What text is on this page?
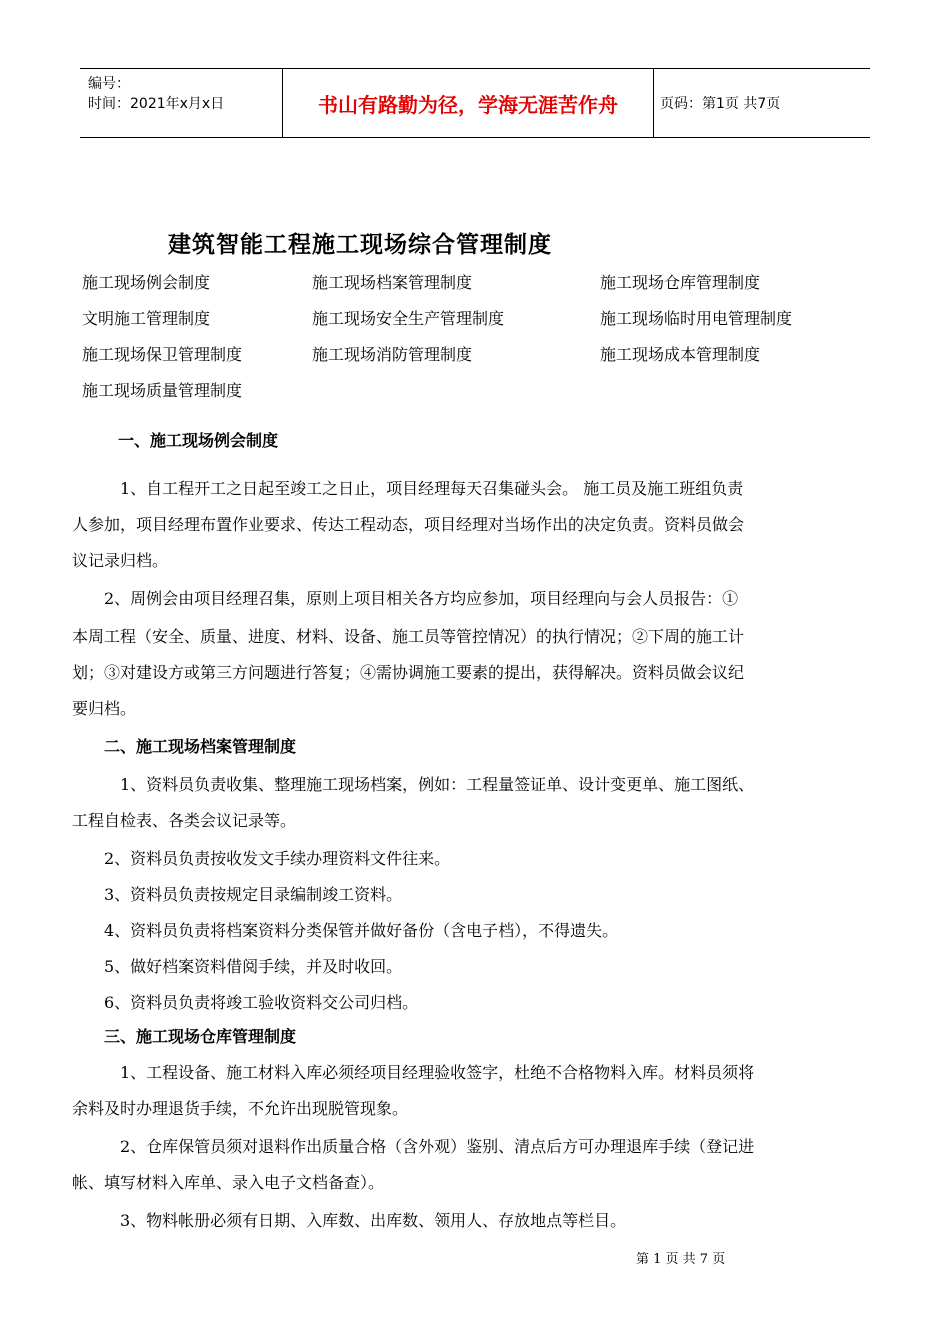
编号：
时间：2021年x月x日	书山有路勤为径，学海无涯苦作舟	页码：第1页 共7页
建筑智能工程施工现场综合管理制度
施工现场例会制度	施工现场档案管理制度	施工现场仓库管理制度
文明施工管理制度	施工现场安全生产管理制度	施工现场临时用电管理制度
施工现场保卫管理制度	施工现场消防管理制度	施工现场成本管理制度
施工现场质量管理制度
一、施工现场例会制度
1、自工程开工之日起至竣工之日止，项目经理每天召集碰头会。 施工员及施工班组负责
人参加，项目经理布置作业要求、传达工程动态，项目经理对当场作出的决定负责。资料员做会
议记录归档。
2、周例会由项目经理召集，原则上项目相关各方均应参加，项目经理向与会人员报告：①
本周工程（安全、质量、进度、材料、设备、施工员等管控情况）的执行情况；②下周的施工计
划；③对建设方或第三方问题进行答复；④需协调施工要素的提出，获得解决。资料员做会议纪
要归档。
二、施工现场档案管理制度
1、资料员负责收集、整理施工现场档案，例如：工程量签证单、设计变更单、施工图纸、
工程自检表、各类会议记录等。
2、资料员负责按收发文手续办理资料文件往来。
3、资料员负责按规定目录编制竣工资料。
4、资料员负责将档案资料分类保管并做好备份（含电子档），不得遗失。
5、做好档案资料借阅手续，并及时收回。
6、资料员负责将竣工验收资料交公司归档。
三、施工现场仓库管理制度
1、工程设备、施工材料入库必须经项目经理验收签字，杜绝不合格物料入库。材料员须将
余料及时办理退货手续，不允许出现脱管现象。
2、仓库保管员须对退料作出质量合格（含外观）鉴别、清点后方可办理退库手续（登记进
帐、填写材料入库单、录入电子文档备查）。
3、物料帐册必须有日期、入库数、出库数、领用人、存放地点等栏目。
第 1 页 共 7 页
